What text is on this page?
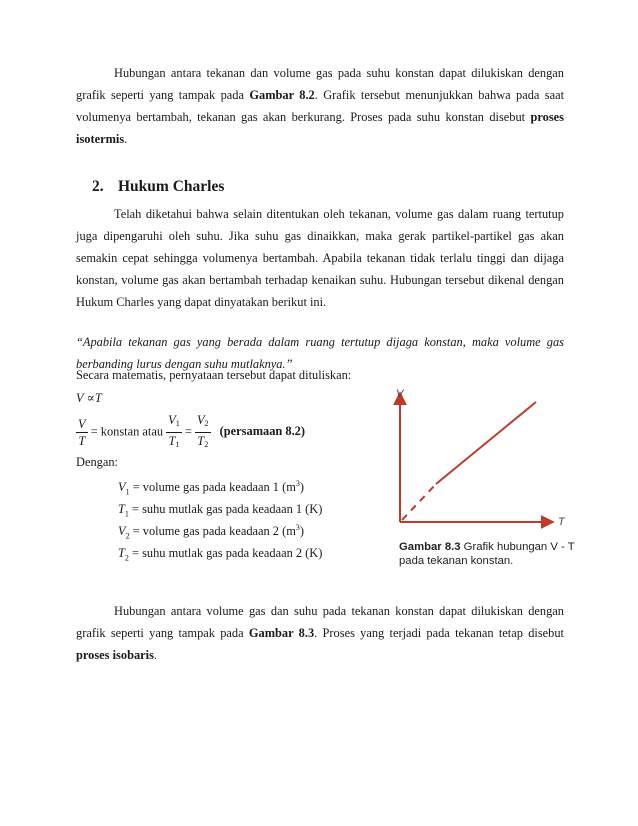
Hubungan antara tekanan dan volume gas pada suhu konstan dapat dilukiskan dengan grafik seperti yang tampak pada Gambar 8.2. Grafik tersebut menunjukkan bahwa pada saat volumenya bertambah, tekanan gas akan berkurang. Proses pada suhu konstan disebut proses isotermis.

2. Hukum Charles

Telah diketahui bahwa selain ditentukan oleh tekanan, volume gas dalam ruang tertutup juga dipengaruhi oleh suhu. Jika suhu gas dinaikkan, maka gerak partikel-partikel gas akan semakin cepat sehingga volumenya bertambah. Apabila tekanan tidak terlalu tinggi dan dijaga konstan, volume gas akan bertambah terhadap kenaikan suhu. Hubungan tersebut dikenal dengan Hukum Charles yang dapat dinyatakan berikut ini.

“Apabila tekanan gas yang berada dalam ruang tertutup dijaga konstan, maka volume gas berbanding lurus dengan suhu mutlaknya.”

Secara matematis, pernyataan tersebut dapat dituliskan:
V ∝T
$\frac{V}{T}$ = konstan atau $\frac{V_1}{T_1} = \frac{V_2}{T_2}$ (persamaan 8.2)
Dengan:
$V_1$ = volume gas pada keadaan 1 $(m^3)$
$T_1$ = suhu mutlak gas pada keadaan 1 (K)
$V_2$ = volume gas pada keadaan 2 $(m^3)$
$T_2$ = suhu mutlak gas pada keadaan 2 (K)
V
T
Gambar 8.3 Grafik hubungan V - T pada tekanan konstan.

Hubungan antara volume gas dan suhu pada tekanan konstan dapat dilukiskan dengan grafik seperti yang tampak pada Gambar 8.3. Proses yang terjadi pada tekanan tetap disebut proses isobaris.
